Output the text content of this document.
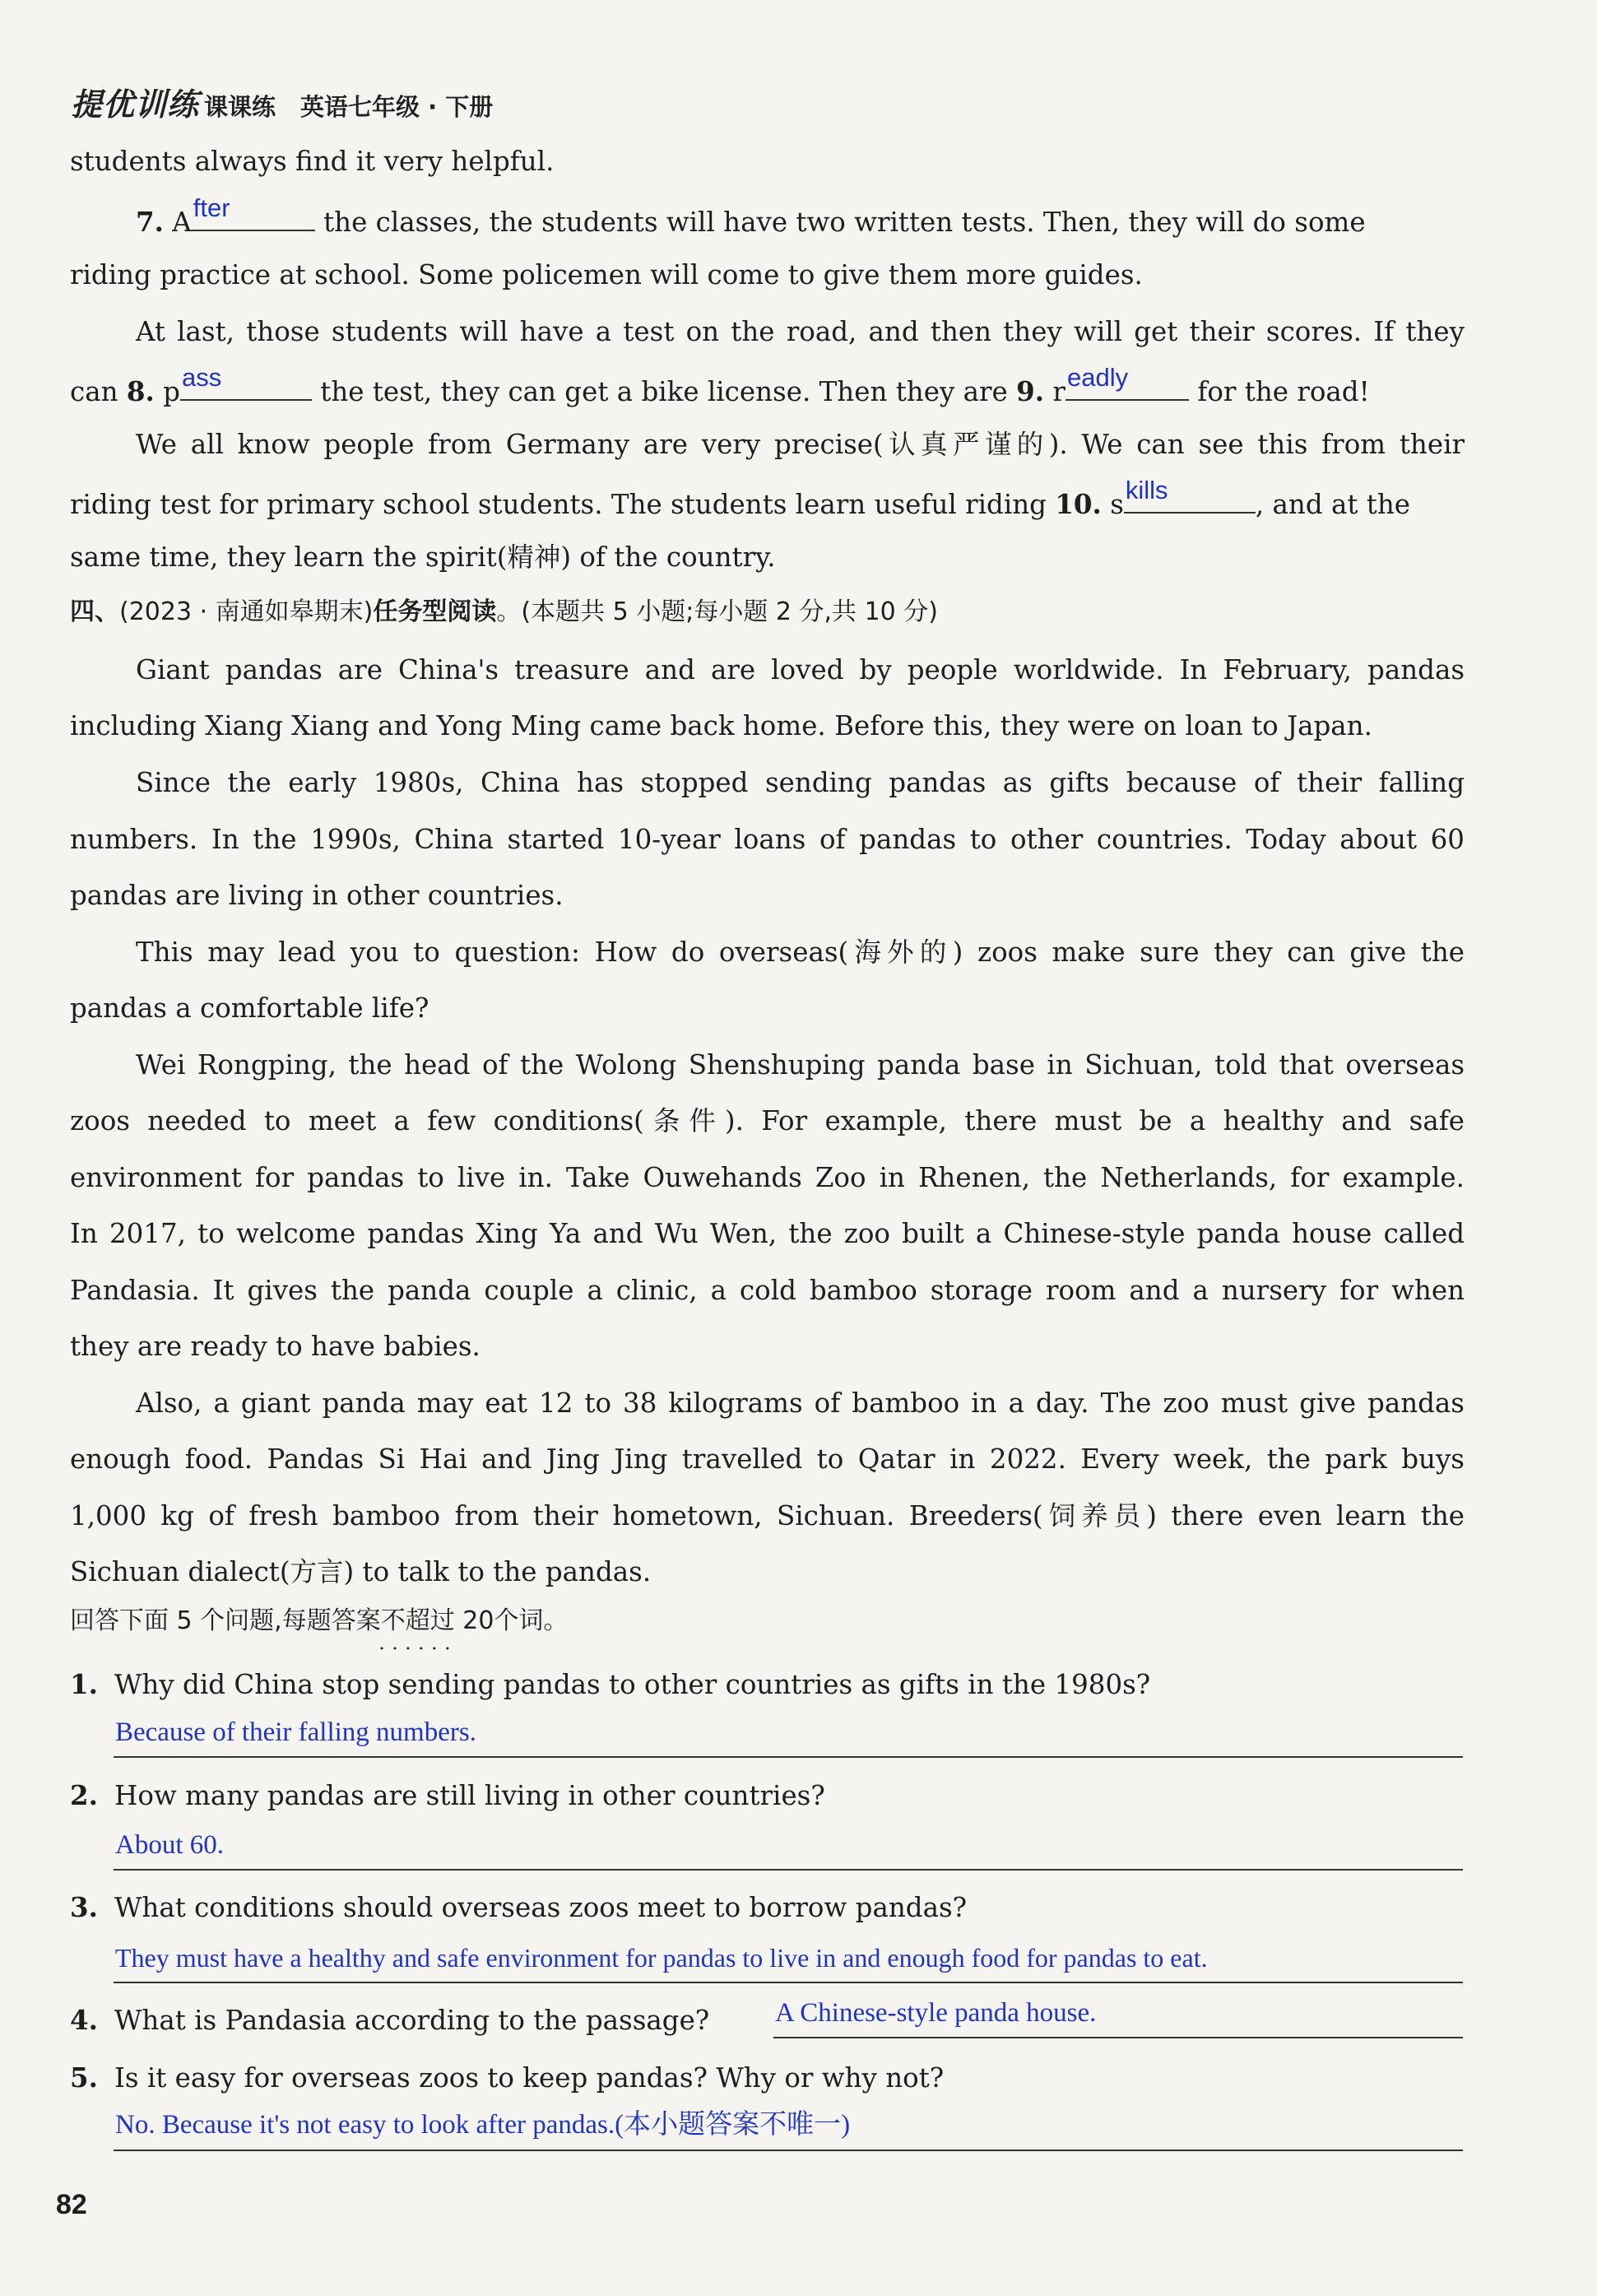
提优训练 课课练 英语七年级 · 下册
students always find it very helpful.
7. A fter	the classes, the students will have two written tests. Then, they will do some
riding practice at school. Some policemen will come to give them more guides.
At last, those students will have a test on the road, and then they will get their scores. If they
can 8. p ass	the test, they can get a bike license. Then they are 9. r eadly	for the road!
We all know people from Germany are very precise(认真严谨的). We can see this from their
riding test for primary school students. The students learn useful riding 10. s kills	, and at the
same time, they learn the spirit(精神) of the country.
四、(2023 · 南通如皋期末)任务型阅读。(本题共 5 小题;每小题 2 分,共 10 分)
Giant pandas are China's treasure and are loved by people worldwide. In February, pandas
including Xiang Xiang and Yong Ming came back home. Before this, they were on loan to Japan.
Since the early 1980s, China has stopped sending pandas as gifts because of their falling
numbers. In the 1990s, China started 10-year loans of pandas to other countries. Today about 60
pandas are living in other countries.
This may lead you to question: How do overseas(海外的) zoos make sure they can give the
pandas a comfortable life?
Wei Rongping, the head of the Wolong Shenshuping panda base in Sichuan, told that overseas
zoos needed to meet a few conditions(条件). For example, there must be a healthy and safe
environment for pandas to live in. Take Ouwehands Zoo in Rhenen, the Netherlands, for example.
In 2017, to welcome pandas Xing Ya and Wu Wen, the zoo built a Chinese-style panda house called
Pandasia. It gives the panda couple a clinic, a cold bamboo storage room and a nursery for when
they are ready to have babies.
Also, a giant panda may eat 12 to 38 kilograms of bamboo in a day. The zoo must give pandas
enough food. Pandas Si Hai and Jing Jing travelled to Qatar in 2022. Every week, the park buys
1,000 kg of fresh bamboo from their hometown, Sichuan. Breeders(饲养员) there even learn the
Sichuan dialect(方言) to talk to the pandas.
回答下面 5 个问题,每题答案不超过 20 • • •个词。
1. Why did China stop sending pandas to other countries as gifts in the 1980s?
Because of their falling numbers.
2. How many pandas are still living in other countries?
About 60.
3. What conditions should overseas zoos meet to borrow pandas?
They must have a healthy and safe environment for pandas to live in and enough food for pandas to eat.
4. What is Pandasia according to the passage? A Chinese-style panda house.
5. Is it easy for overseas zoos to keep pandas? Why or why not?
No. Because it's not easy to look after pandas.(本小题答案不唯一)
82
